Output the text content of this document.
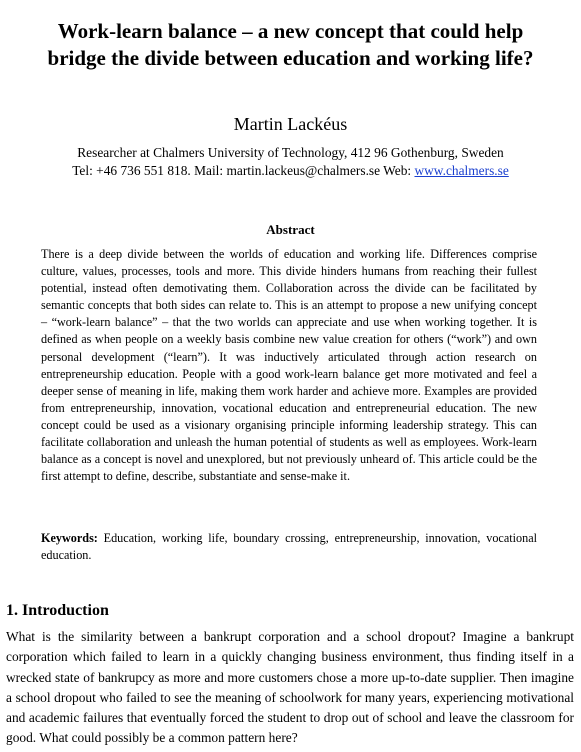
Work-learn balance – a new concept that could help
bridge the divide between education and working life?
Martin Lackéus
Researcher at Chalmers University of Technology, 412 96 Gothenburg, Sweden
Tel: +46 736 551 818. Mail: martin.lackeus@chalmers.se Web: www.chalmers.se
Abstract
There is a deep divide between the worlds of education and working life. Differences comprise culture, values, processes, tools and more. This divide hinders humans from reaching their fullest potential, instead often demotivating them. Collaboration across the divide can be facilitated by semantic concepts that both sides can relate to. This is an attempt to propose a new unifying concept – “work-learn balance” – that the two worlds can appreciate and use when working together. It is defined as when people on a weekly basis combine new value creation for others (“work”) and own personal development (“learn”). It was inductively articulated through action research on entrepreneurship education. People with a good work-learn balance get more motivated and feel a deeper sense of meaning in life, making them work harder and achieve more. Examples are provided from entrepreneurship, innovation, vocational education and entrepreneurial education. The new concept could be used as a visionary organising principle informing leadership strategy. This can facilitate collaboration and unleash the human potential of students as well as employees. Work-learn balance as a concept is novel and unexplored, but not previously unheard of. This article could be the first attempt to define, describe, substantiate and sense-make it.
Keywords: Education, working life, boundary crossing, entrepreneurship, innovation, vocational education.
1. Introduction
What is the similarity between a bankrupt corporation and a school dropout? Imagine a bankrupt corporation which failed to learn in a quickly changing business environment, thus finding itself in a wrecked state of bankrupcy as more and more customers chose a more up-to-date supplier. Then imagine a school dropout who failed to see the meaning of schoolwork for many years, experiencing motivational and academic failures that eventually forced the student to drop out of school and leave the classroom for good. What could possibly be a common pattern here?
